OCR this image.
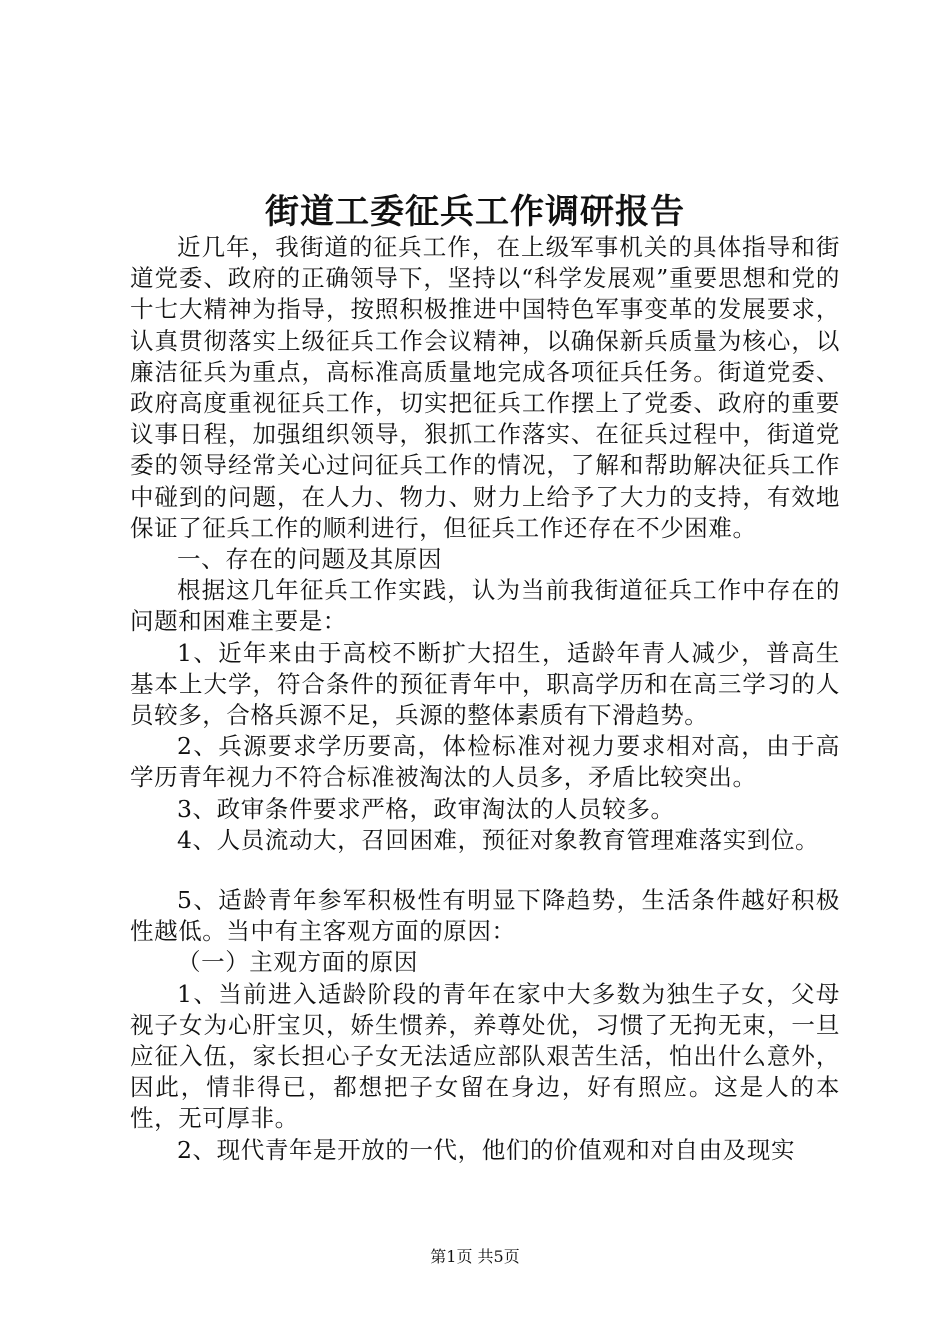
街道工委征兵工作调研报告

近几年，我街道的征兵工作，在上级军事机关的具体指导和街道党委、政府的正确领导下，坚持以“科学发展观”重要思想和党的十七大精神为指导，按照积极推进中国特色军事变革的发展要求，认真贯彻落实上级征兵工作会议精神，以确保新兵质量为核心，以廉洁征兵为重点，高标准高质量地完成各项征兵任务。街道党委、政府高度重视征兵工作，切实把征兵工作摆上了党委、政府的重要议事日程，加强组织领导，狠抓工作落实、在征兵过程中，街道党委的领导经常关心过问征兵工作的情况，了解和帮助解决征兵工作中碰到的问题，在人力、物力、财力上给予了大力的支持，有效地保证了征兵工作的顺利进行，但征兵工作还存在不少困难。

一、存在的问题及其原因

根据这几年征兵工作实践，认为当前我街道征兵工作中存在的问题和困难主要是：

1、近年来由于高校不断扩大招生，适龄年青人减少，普高生基本上大学，符合条件的预征青年中，职高学历和在高三学习的人员较多，合格兵源不足，兵源的整体素质有下滑趋势。

2、兵源要求学历要高，体检标准对视力要求相对高，由于高学历青年视力不符合标准被淘汰的人员多，矛盾比较突出。

3、政审条件要求严格，政审淘汰的人员较多。

4、人员流动大，召回困难，预征对象教育管理难落实到位。

5、适龄青年参军积极性有明显下降趋势，生活条件越好积极性越低。当中有主客观方面的原因：

（一）主观方面的原因

1、当前进入适龄阶段的青年在家中大多数为独生子女，父母视子女为心肝宝贝，娇生惯养，养尊处优，习惯了无拘无束，一旦应征入伍，家长担心子女无法适应部队艰苦生活，怕出什么意外，因此，情非得已，都想把子女留在身边，好有照应。这是人的本性，无可厚非。

2、现代青年是开放的一代，他们的价值观和对自由及现实

第1页 共5页
